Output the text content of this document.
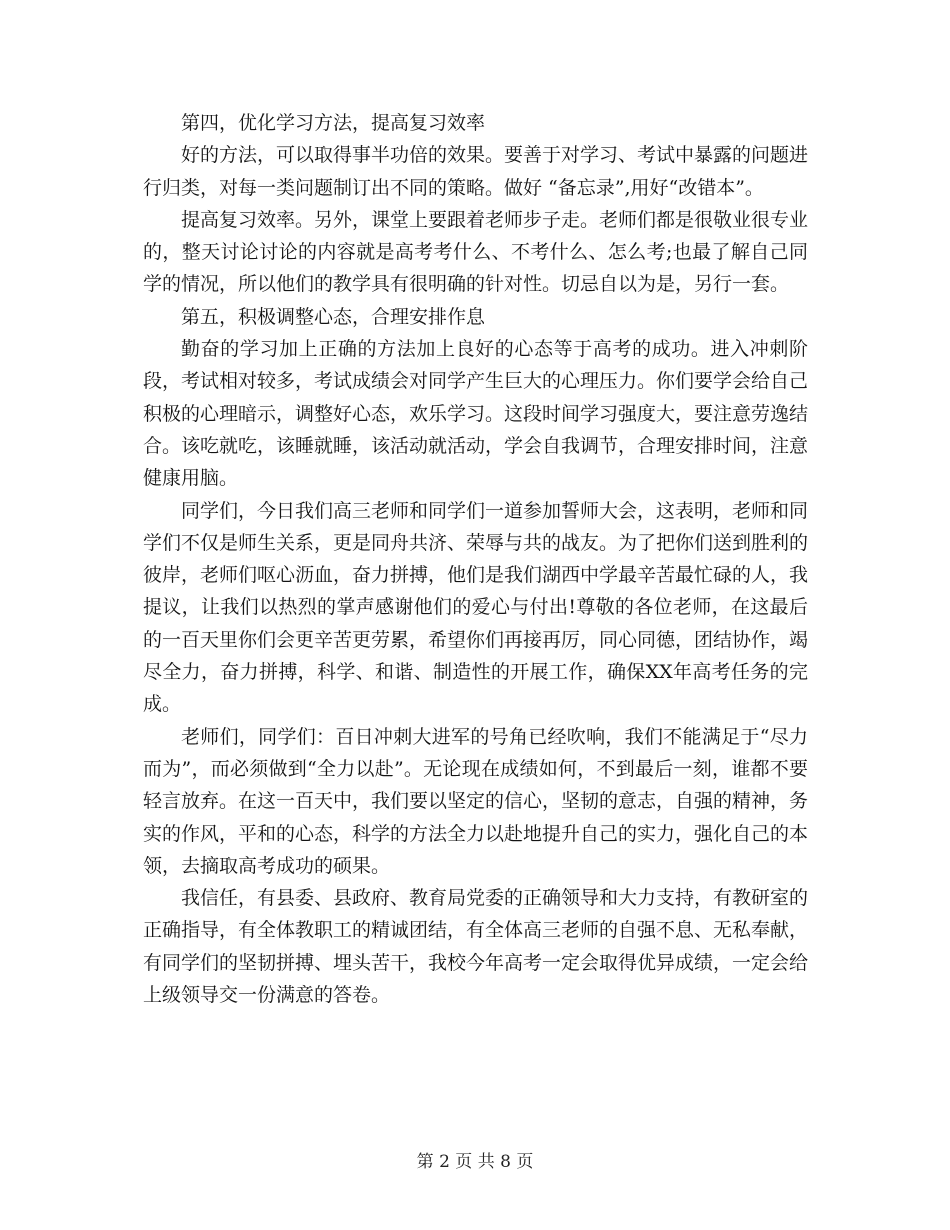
第四，优化学习方法，提高复习效率

好的方法，可以取得事半功倍的效果。要善于对学习、考试中暴露的问题进行归类，对每一类问题制订出不同的策略。做好 “备忘录”,用好“改错本”。

提高复习效率。另外，课堂上要跟着老师步子走。老师们都是很敬业很专业的，整天讨论讨论的内容就是高考考什么、不考什么、怎么考;也最了解自己同学的情况，所以他们的教学具有很明确的针对性。切忌自以为是，另行一套。

第五，积极调整心态，合理安排作息

勤奋的学习加上正确的方法加上良好的心态等于高考的成功。进入冲刺阶段，考试相对较多，考试成绩会对同学产生巨大的心理压力。你们要学会给自己积极的心理暗示，调整好心态，欢乐学习。这段时间学习强度大，要注意劳逸结合。该吃就吃，该睡就睡，该活动就活动，学会自我调节，合理安排时间，注意健康用脑。

同学们，今日我们高三老师和同学们一道参加誓师大会，这表明，老师和同学们不仅是师生关系，更是同舟共济、荣辱与共的战友。为了把你们送到胜利的彼岸，老师们呕心沥血，奋力拼搏，他们是我们湖西中学最辛苦最忙碌的人，我提议，让我们以热烈的掌声感谢他们的爱心与付出!尊敬的各位老师，在这最后的一百天里你们会更辛苦更劳累，希望你们再接再厉，同心同德，团结协作，竭尽全力，奋力拼搏，科学、和谐、制造性的开展工作，确保XX年高考任务的完成。

老师们，同学们：百日冲刺大进军的号角已经吹响，我们不能满足于“尽力而为”，而必须做到“全力以赴”。无论现在成绩如何，不到最后一刻，谁都不要轻言放弃。在这一百天中，我们要以坚定的信心，坚韧的意志，自强的精神，务实的作风，平和的心态，科学的方法全力以赴地提升自己的实力，强化自己的本领，去摘取高考成功的硕果。

我信任，有县委、县政府、教育局党委的正确领导和大力支持，有教研室的正确指导，有全体教职工的精诚团结，有全体高三老师的自强不息、无私奉献，有同学们的坚韧拼搏、埋头苦干，我校今年高考一定会取得优异成绩，一定会给上级领导交一份满意的答卷。

第 2 页 共 8 页
